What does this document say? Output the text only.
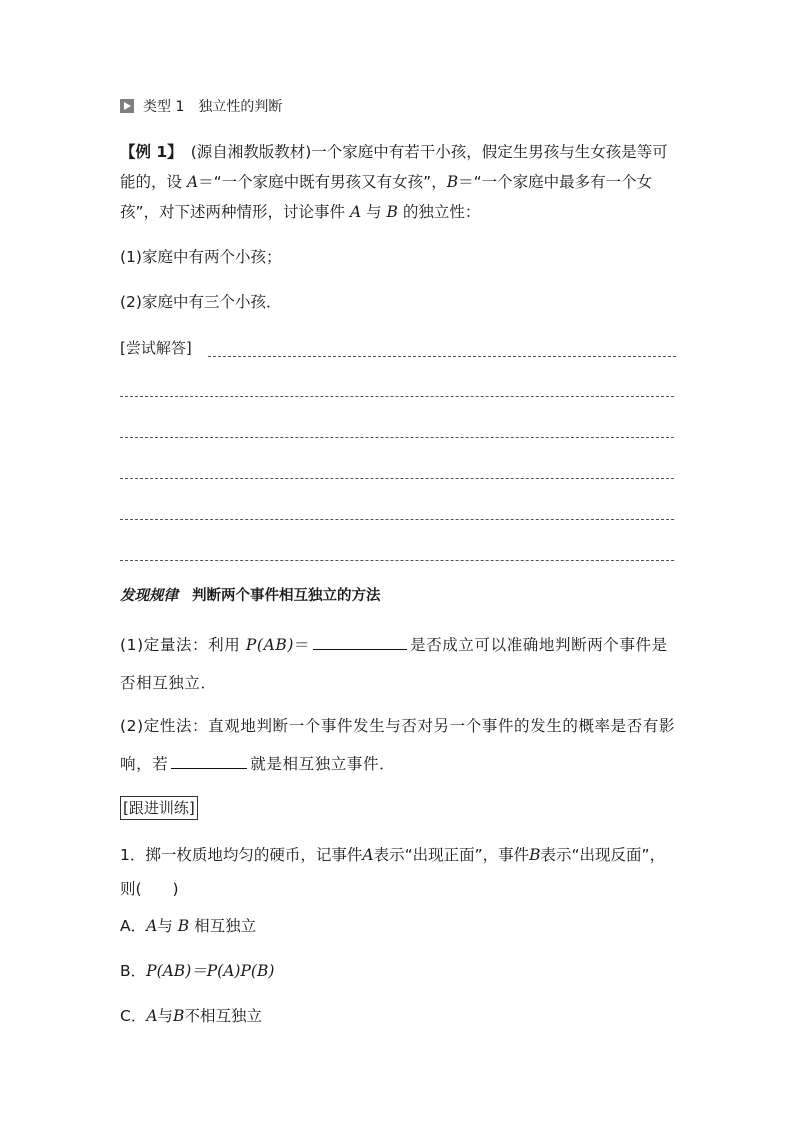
类型 1 独立性的判断
【例 1】 (源自湘教版教材)一个家庭中有若干小孩，假定生男孩与生女孩是等可能的，设 A＝“一个家庭中既有男孩又有女孩”，B＝“一个家庭中最多有一个女孩”，对下述两种情形，讨论事件 A 与 B 的独立性：
(1)家庭中有两个小孩；
(2)家庭中有三个小孩．
[尝试解答]
发现规律 判断两个事件相互独立的方法
(1)定量法：利用 P(AB)＝	是否成立可以准确地判断两个事件是否相互独立．
(2)定性法：直观地判断一个事件发生与否对另一个事件的发生的概率是否有影响，若	就是相互独立事件．
[跟进训练]
1．掷一枚质地均匀的硬币，记事件A表示“出现正面”，事件B表示“出现反面”，则(　　)
A．A与 B 相互独立
B．P(AB)＝P(A)P(B)
C．A与B不相互独立
